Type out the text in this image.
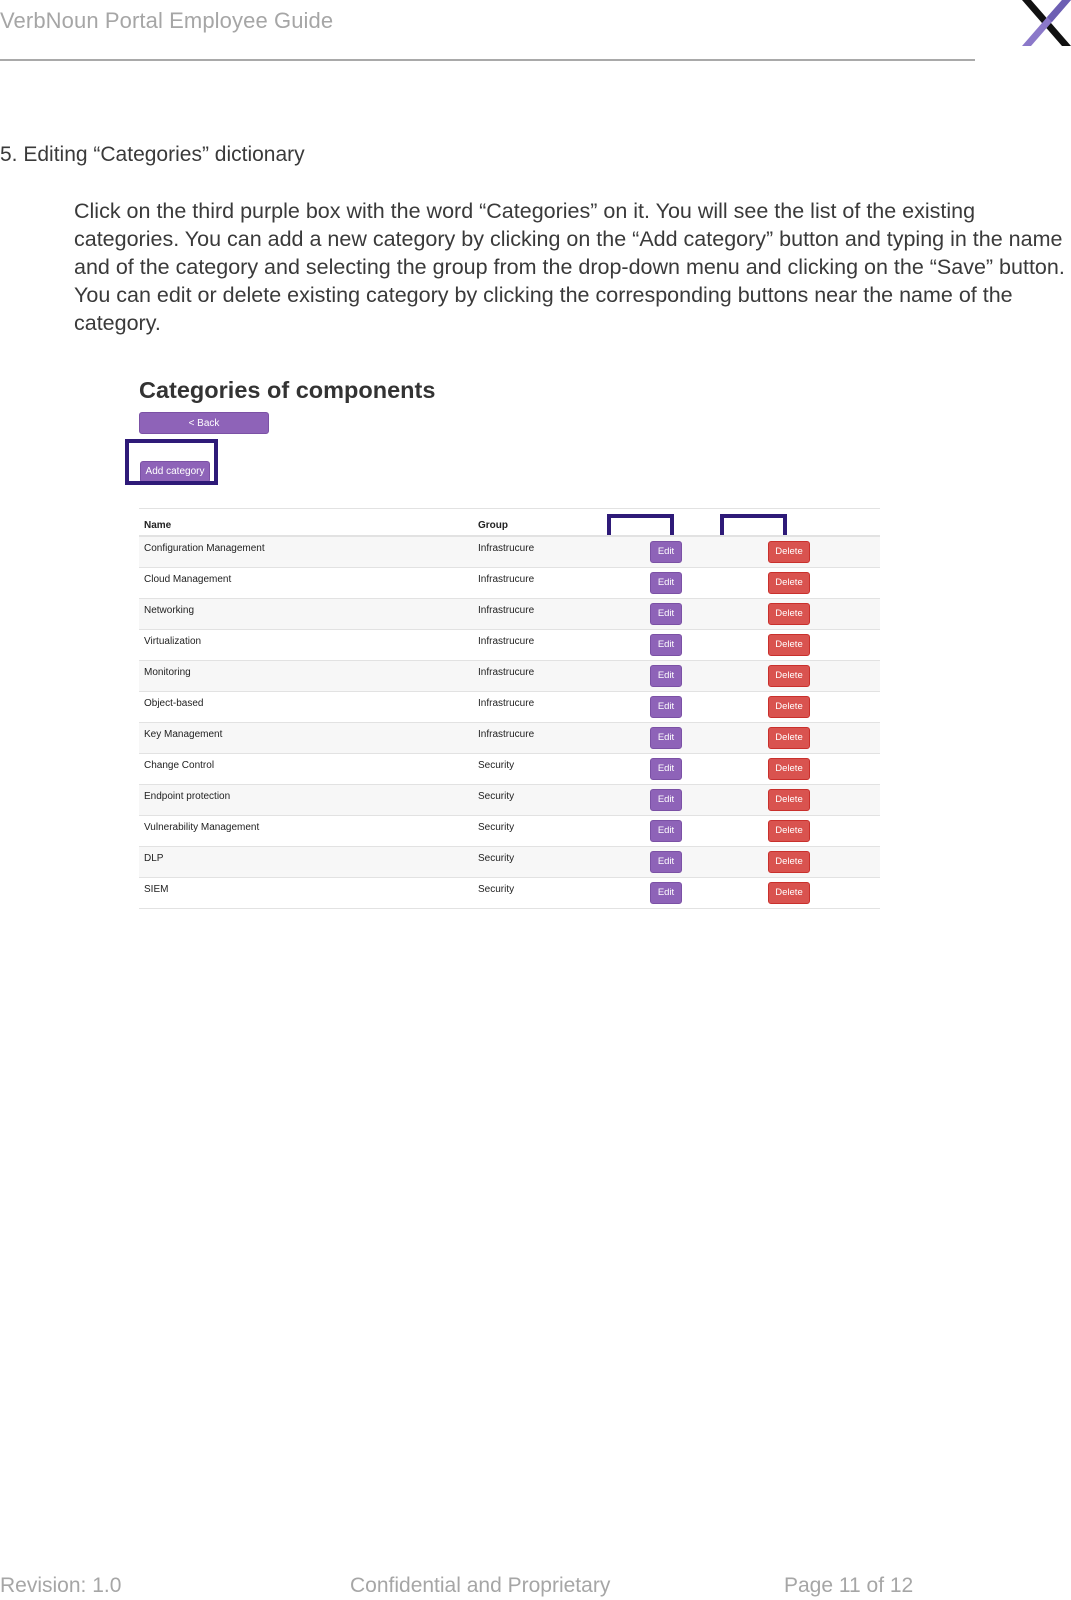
VerbNoun Portal Employee Guide
5. Editing “Categories” dictionary
Click on the third purple box with the word “Categories” on it. You will see the list of the existing categories. You can add a new category by clicking on the “Add category” button and typing in the name and of the category and selecting the group from the drop-down menu and clicking on the “Save” button. You can edit or delete existing category by clicking the corresponding buttons near the name of the category.
Categories of components
< Back
Add category
Name	Group		
Configuration Management	Infrastrucure	Edit	Delete
Cloud Management	Infrastrucure	Edit	Delete
Networking	Infrastrucure	Edit	Delete
Virtualization	Infrastrucure	Edit	Delete
Monitoring	Infrastrucure	Edit	Delete
Object-based	Infrastrucure	Edit	Delete
Key Management	Infrastrucure	Edit	Delete
Change Control	Security	Edit	Delete
Endpoint protection	Security	Edit	Delete
Vulnerability Management	Security	Edit	Delete
DLP	Security	Edit	Delete
SIEM	Security	Edit	Delete
Revision: 1.0	Confidential and Proprietary	Page 11 of 12
